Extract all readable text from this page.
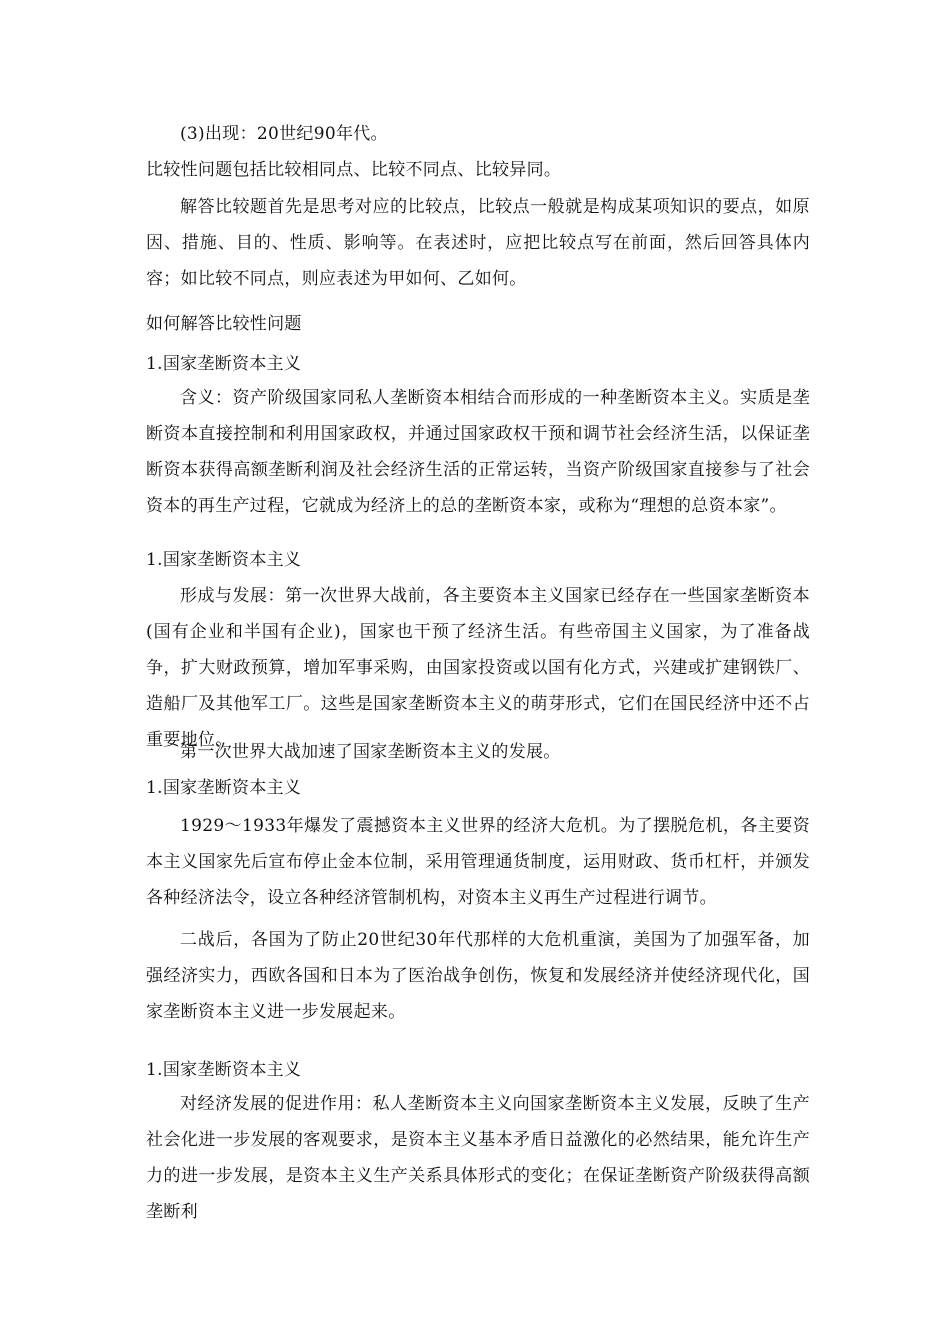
(3)出现：20世纪90年代。

比较性问题包括比较相同点、比较不同点、比较异同。

解答比较题首先是思考对应的比较点，比较点一般就是构成某项知识的要点，如原因、措施、目的、性质、影响等。在表述时，应把比较点写在前面，然后回答具体内容；如比较不同点，则应表述为甲如何、乙如何。

如何解答比较性问题

1.国家垄断资本主义

含义：资产阶级国家同私人垄断资本相结合而形成的一种垄断资本主义。实质是垄断资本直接控制和利用国家政权，并通过国家政权干预和调节社会经济生活，以保证垄断资本获得高额垄断利润及社会经济生活的正常运转，当资产阶级国家直接参与了社会资本的再生产过程，它就成为经济上的总的垄断资本家，或称为“理想的总资本家”。

1.国家垄断资本主义

形成与发展：第一次世界大战前，各主要资本主义国家已经存在一些国家垄断资本(国有企业和半国有企业)，国家也干预了经济生活。有些帝国主义国家，为了准备战争，扩大财政预算，增加军事采购，由国家投资或以国有化方式，兴建或扩建钢铁厂、造船厂及其他军工厂。这些是国家垄断资本主义的萌芽形式，它们在国民经济中还不占重要地位。

第一次世界大战加速了国家垄断资本主义的发展。

1.国家垄断资本主义

1929～1933年爆发了震撼资本主义世界的经济大危机。为了摆脱危机，各主要资本主义国家先后宣布停止金本位制，采用管理通货制度，运用财政、货币杠杆，并颁发各种经济法令，设立各种经济管制机构，对资本主义再生产过程进行调节。

二战后，各国为了防止20世纪30年代那样的大危机重演，美国为了加强军备，加强经济实力，西欧各国和日本为了医治战争创伤，恢复和发展经济并使经济现代化，国家垄断资本主义进一步发展起来。

1.国家垄断资本主义

对经济发展的促进作用：私人垄断资本主义向国家垄断资本主义发展，反映了生产社会化进一步发展的客观要求，是资本主义基本矛盾日益激化的必然结果，能允许生产力的进一步发展，是资本主义生产关系具体形式的变化；在保证垄断资产阶级获得高额垄断利
